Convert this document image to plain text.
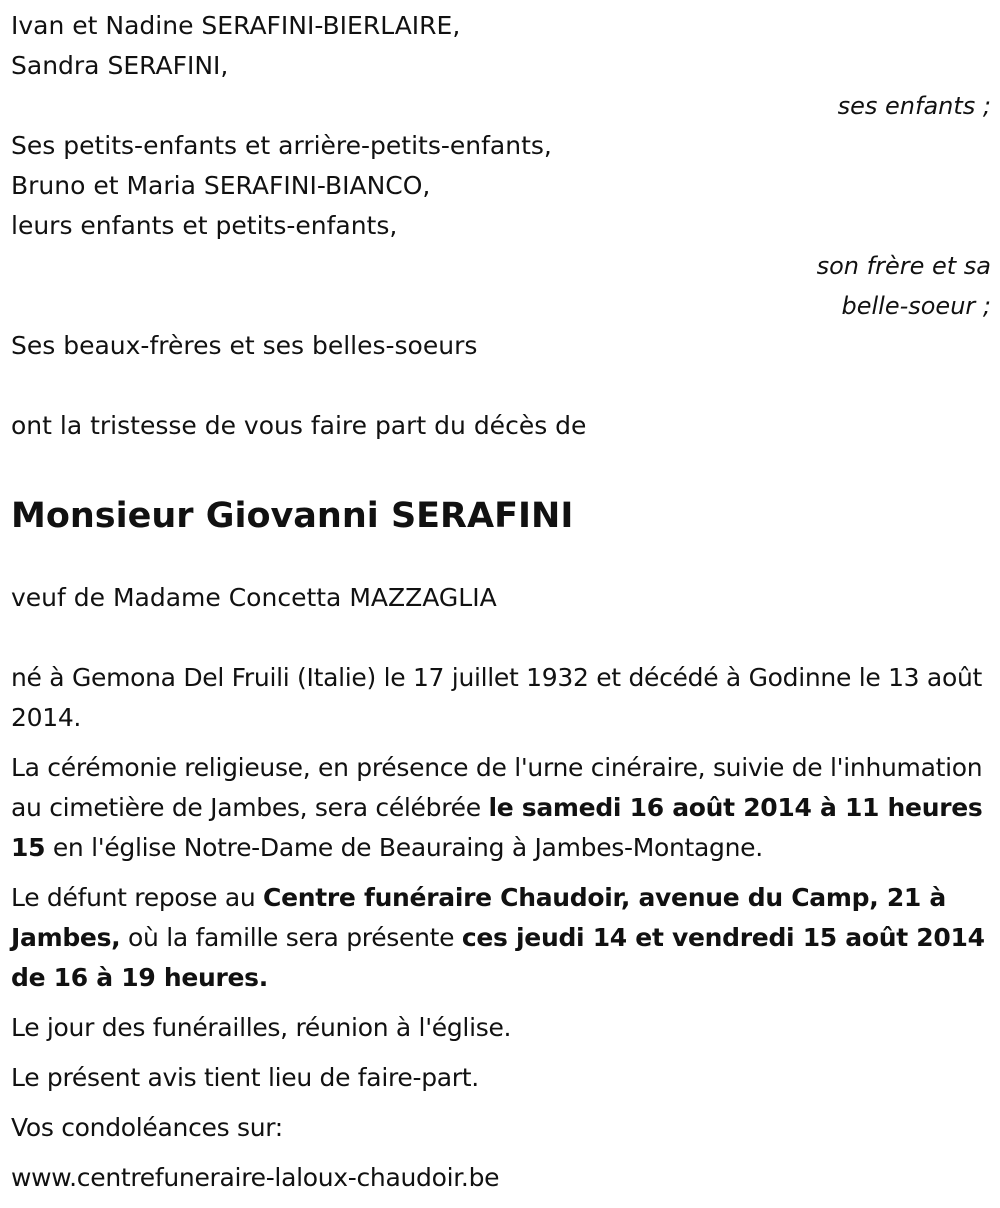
Ivan et Nadine SERAFINI-BIERLAIRE,
Sandra SERAFINI,
ses enfants ;
Ses petits-enfants et arrière-petits-enfants,
Bruno et Maria SERAFINI-BIANCO,
leurs enfants et petits-enfants,
son frère et sa
belle-soeur ;
Ses beaux-frères et ses belles-soeurs
ont la tristesse de vous faire part du décès de
Monsieur Giovanni SERAFINI
veuf de Madame Concetta MAZZAGLIA

né à Gemona Del Fruili (Italie) le 17 juillet 1932 et décédé à Godinne le 13 août 2014.

La cérémonie religieuse, en présence de l'urne cinéraire, suivie de l'inhumation au cimetière de Jambes, sera célébrée le samedi 16 août 2014 à 11 heures 15 en l'église Notre-Dame de Beauraing à Jambes-Montagne.

Le défunt repose au Centre funéraire Chaudoir, avenue du Camp, 21 à Jambes, où la famille sera présente ces jeudi 14 et vendredi 15 août 2014 de 16 à 19 heures.

Le jour des funérailles, réunion à l'église.

Le présent avis tient lieu de faire-part.

Vos condoléances sur:

www.centrefuneraire-laloux-chaudoir.be
